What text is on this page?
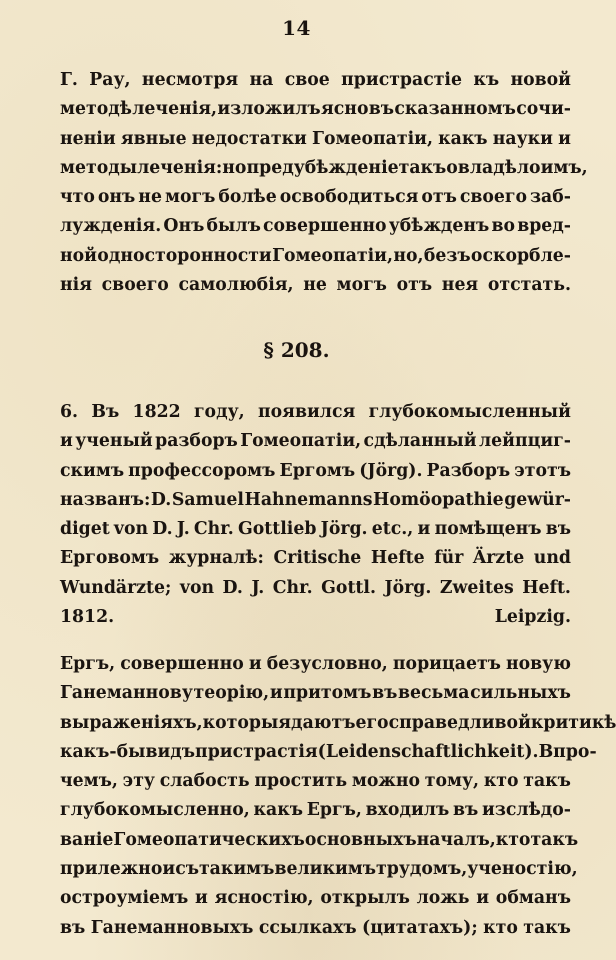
14
Г. Рау, несмотря на свое пристрастіе къ новой
методѣ леченія, изложилъ ясно въ сказанномъ сочи-
неніи явные недостатки Гомеопатіи, какъ науки и
методы леченія: но предубѣжденіе такъ овладѣло имъ,
что онъ не могъ болѣе освободиться отъ своего заб-
лужденія. Онъ былъ совершенно убѣжденъ во вред-
ной односторонности Гомеопатіи, но, безъ оскорбле-
нія своего самолюбія, не могъ отъ нея отстать.
§ 208.
6. Въ 1822 году, появился глубокомысленный
и ученый разборъ Гомеопатіи, сдѣланный лейпциг-
скимъ профессоромъ Ергомъ (Jörg). Разборъ этотъ
названъ: D. Samuel Hahnemanns Homöopathie gewür-
diget von D. J. Chr. Gottlieb Jörg. etc., и помѣщенъ въ
Ерговомъ журналѣ: Critische Hefte für Ärzte und
Wundärzte; von D. J. Chr. Gottl. Jörg. Zweites Heft.
1812. Leipzig.
Ергъ, совершенно и безусловно, порицаетъ новую
Ганеманнову теорію, и притомъ въ весьма сильныхъ
выраженіяхъ, которыя даютъ его справедливой критикѣ
какъ-бы видъ пристрастія ( Leidenschaftlichkeit). Впро-
чемъ, эту слабость простить можно тому, кто такъ
глубокомысленно, какъ Ергъ, входилъ въ изслѣдо-
ваніе Гомеопатическихъ основныхъ началъ, кто такъ
прилежно и съ такимъ великимъ трудомъ, ученостію,
остроуміемъ и ясностію, открылъ ложь и обманъ
въ Ганеманновыхъ ссылкахъ (цитатахъ); кто такъ
